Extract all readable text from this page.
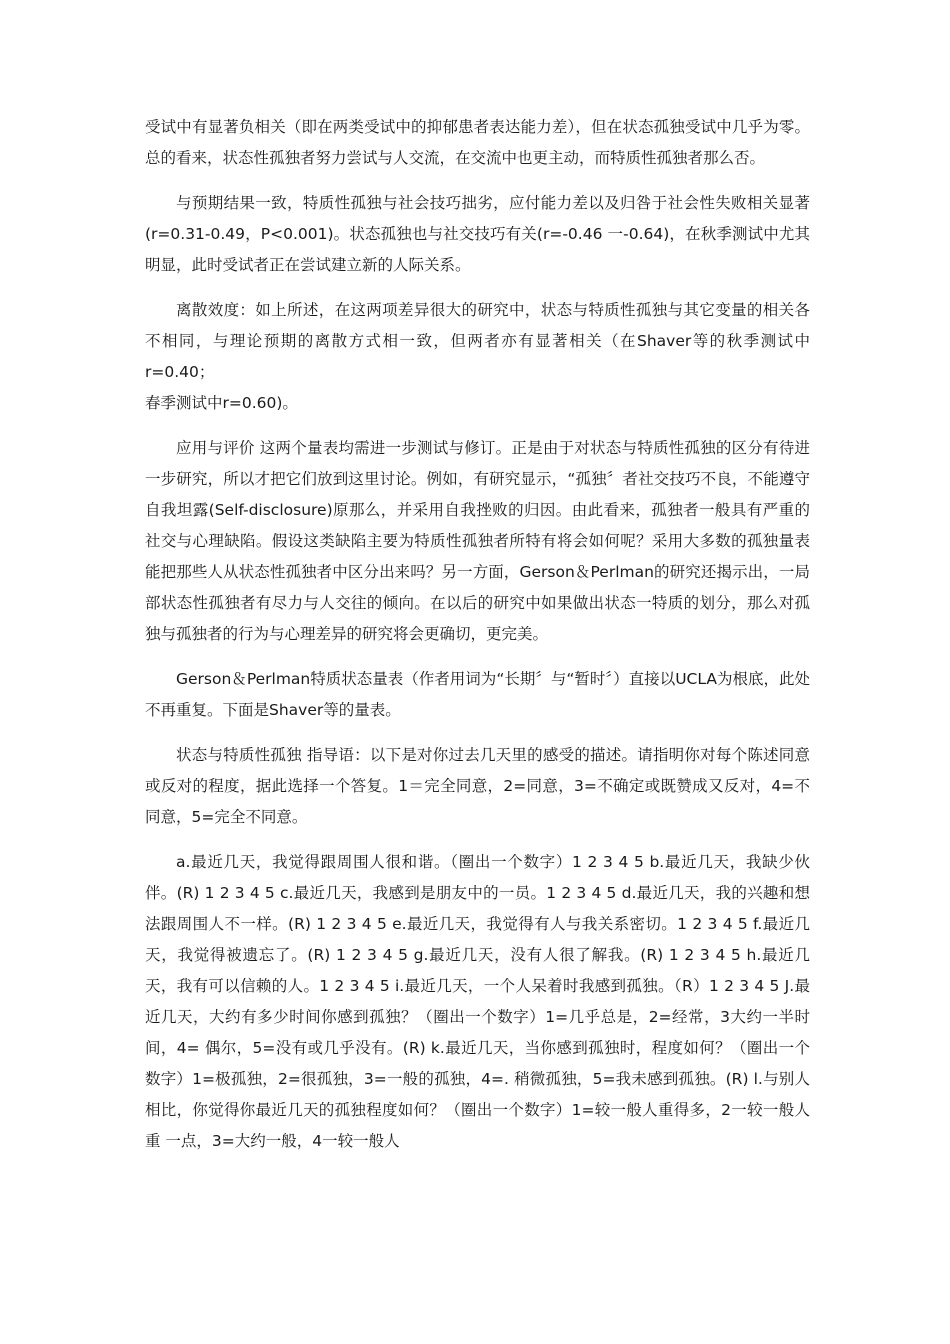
受试中有显著负相关（即在两类受试中的抑郁患者表达能力差），但在状态孤独受试中几乎为零。总的看来，状态性孤独者努力尝试与人交流，在交流中也更主动，而特质性孤独者那么否。

与预期结果一致，特质性孤独与社会技巧拙劣，应付能力差以及归咎于社会性失败相关显著(r=0.31-0.49，P<0.001)。状态孤独也与社交技巧有关(r=-0.46 一-0.64)，在秋季测试中尤其明显，此时受试者正在尝试建立新的人际关系。

离散效度：如上所述，在这两项差异很大的研究中，状态与特质性孤独与其它变量的相关各不相同，与理论预期的离散方式相一致，但两者亦有显著相关（在Shaver等的秋季测试中r=0.40；

春季测试中r=0.60)。

应用与评价 这两个量表均需进一步测试与修订。正是由于对状态与特质性孤独的区分有待进一步研究，所以才把它们放到这里讨论。例如，有研究显示，“孤独〞者社交技巧不良，不能遵守自我坦露(Self-disclosure)原那么，并采用自我挫败的归因。由此看来，孤独者一般具有严重的社交与心理缺陷。假设这类缺陷主要为特质性孤独者所特有将会如何呢？采用大多数的孤独量表能把那些人从状态性孤独者中区分出来吗？另一方面，Gerson＆Perlman的研究还揭示出，一局部状态性孤独者有尽力与人交往的倾向。在以后的研究中如果做出状态一特质的划分，那么对孤独与孤独者的行为与心理差异的研究将会更确切，更完美。

Gerson＆Perlman特质状态量表（作者用词为“长期〞与“暂时〞）直接以UCLA为根底，此处不再重复。下面是Shaver等的量表。

状态与特质性孤独 指导语：以下是对你过去几天里的感受的描述。请指明你对每个陈述同意或反对的程度，据此选择一个答复。1＝完全同意，2=同意，3=不确定或既赞成又反对，4=不同意，5=完全不同意。

a.最近几天，我觉得跟周围人很和谐。（圈出一个数字）1 2 3 4 5 b.最近几天，我缺少伙伴。(R) 1 2 3 4 5 c.最近几天，我感到是朋友中的一员。1 2 3 4 5 d.最近几天，我的兴趣和想法跟周围人不一样。(R) 1 2 3 4 5 e.最近几天，我觉得有人与我关系密切。1 2 3 4 5 f.最近几天，我觉得被遗忘了。(R) 1 2 3 4 5 g.最近几天，没有人很了解我。(R) 1 2 3 4 5 h.最近几天，我有可以信赖的人。1 2 3 4 5 i.最近几天，一个人呆着时我感到孤独。（R）1 2 3 4 5 J.最近几天，大约有多少时间你感到孤独？（圈出一个数字）1=几乎总是，2=经常，3大约一半时间，4= 偶尔，5=没有或几乎没有。(R) k.最近几天，当你感到孤独时，程度如何？（圈出一个数字）1=极孤独，2=很孤独，3=一般的孤独，4=. 稍微孤独，5=我未感到孤独。(R) l.与别人相比，你觉得你最近几天的孤独程度如何？（圈出一个数字）1=较一般人重得多，2一较一般人重 一点，3=大约一般，4一较一般人
